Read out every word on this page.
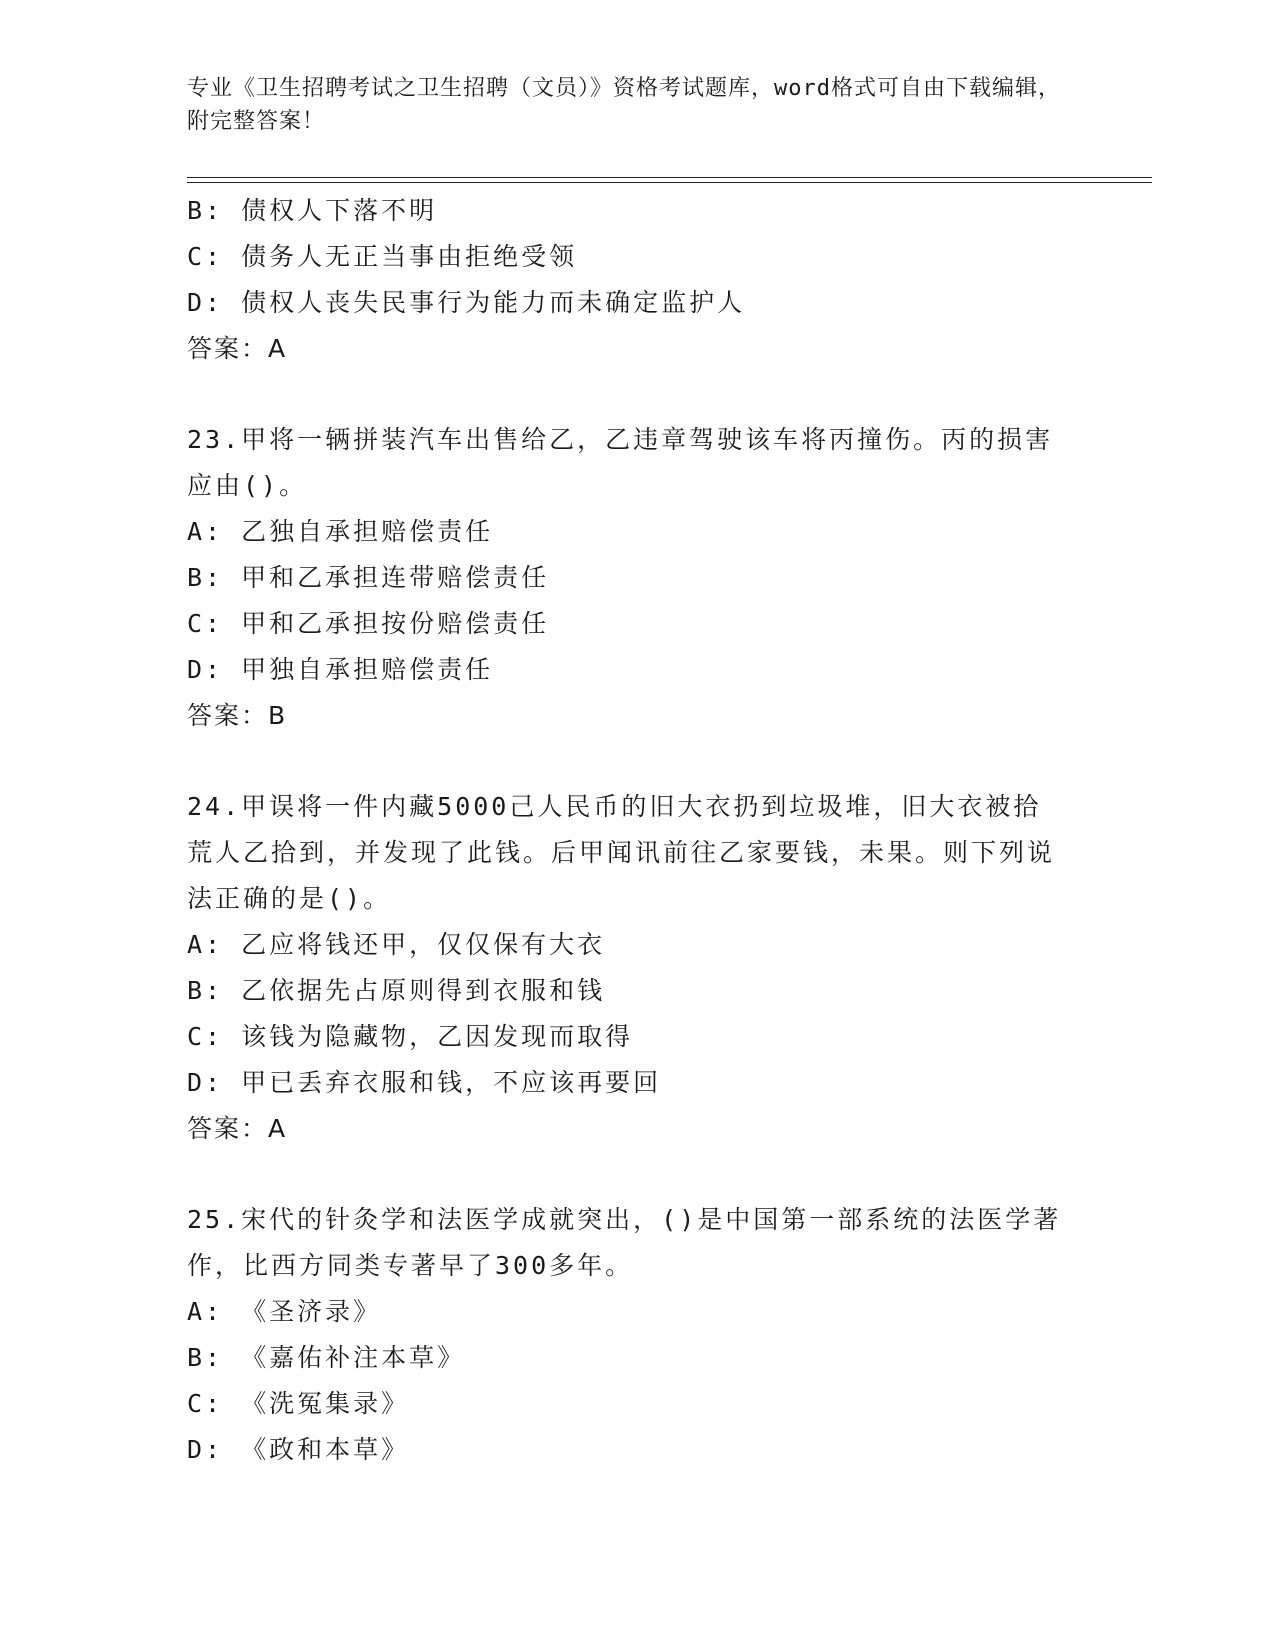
专业《卫生招聘考试之卫生招聘（文员）》资格考试题库，word格式可自由下载编辑，附完整答案！
B: 债权人下落不明
C: 债务人无正当事由拒绝受领
D: 债权人丧失民事行为能力而未确定监护人
答案：A
23.甲将一辆拼装汽车出售给乙，乙违章驾驶该车将丙撞伤。丙的损害应由()。
A: 乙独自承担赔偿责任
B: 甲和乙承担连带赔偿责任
C: 甲和乙承担按份赔偿责任
D: 甲独自承担赔偿责任
答案：B
24.甲误将一件内藏5000己人民币的旧大衣扔到垃圾堆，旧大衣被拾荒人乙拾到，并发现了此钱。后甲闻讯前往乙家要钱，未果。则下列说法正确的是()。
A: 乙应将钱还甲，仅仅保有大衣
B: 乙依据先占原则得到衣服和钱
C: 该钱为隐藏物，乙因发现而取得
D: 甲已丢弃衣服和钱，不应该再要回
答案：A
25.宋代的针灸学和法医学成就突出，()是中国第一部系统的法医学著作，比西方同类专著早了300多年。
A: 《圣济录》
B: 《嘉佑补注本草》
C: 《洗冤集录》
D: 《政和本草》
